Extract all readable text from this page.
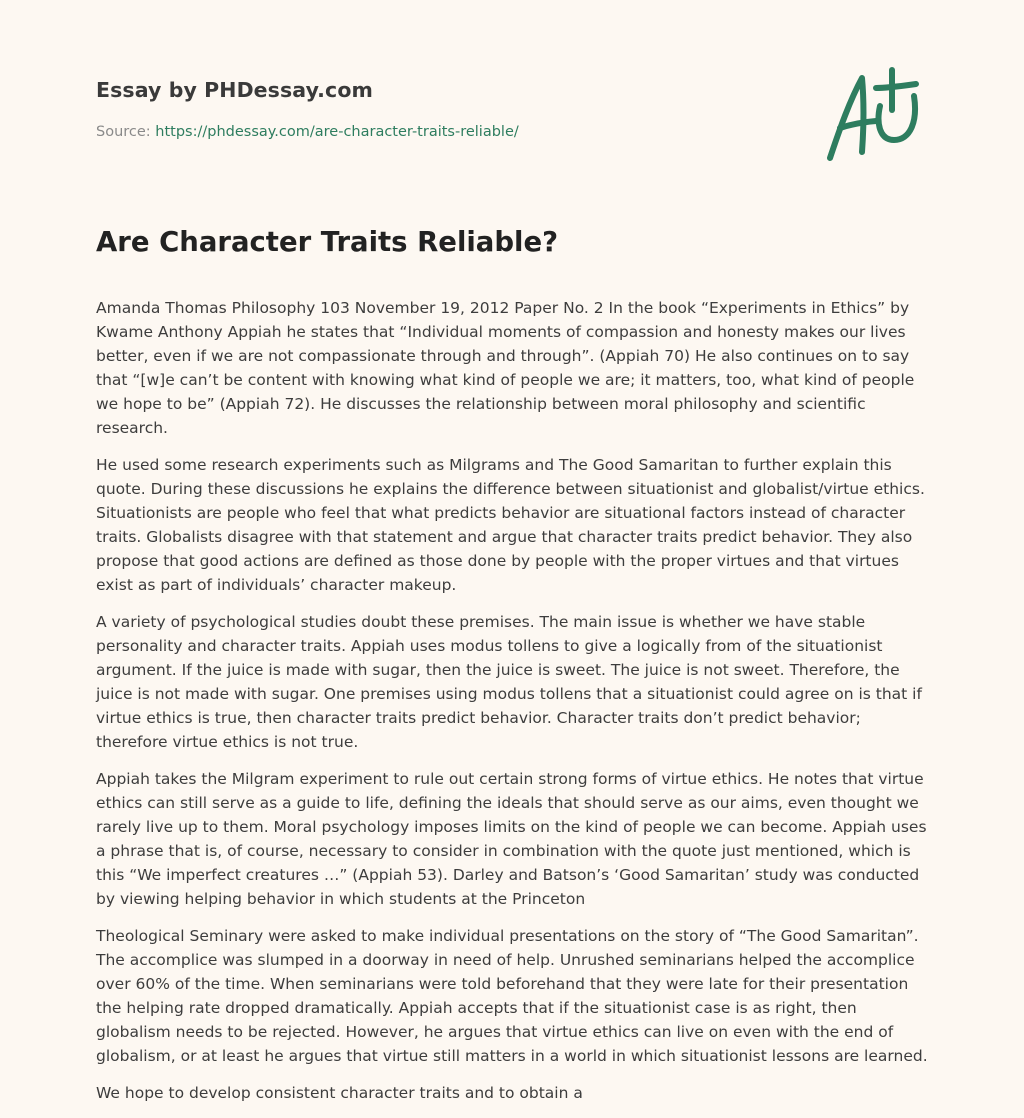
Essay by PHDessay.com

Source: https://phdessay.com/are-character-traits-reliable/

Are Character Traits Reliable?

Amanda Thomas Philosophy 103 November 19, 2012 Paper No. 2 In the book “Experiments in Ethics” by Kwame Anthony Appiah he states that “Individual moments of compassion and honesty makes our lives better, even if we are not compassionate through and through”. (Appiah 70) He also continues on to say that “[w]e can’t be content with knowing what kind of people we are; it matters, too, what kind of people we hope to be” (Appiah 72). He discusses the relationship between moral philosophy and scientific research.

He used some research experiments such as Milgrams and The Good Samaritan to further explain this quote. During these discussions he explains the difference between situationist and globalist/virtue ethics. Situationists are people who feel that what predicts behavior are situational factors instead of character traits. Globalists disagree with that statement and argue that character traits predict behavior. They also propose that good actions are defined as those done by people with the proper virtues and that virtues exist as part of individuals’ character makeup.

A variety of psychological studies doubt these premises. The main issue is whether we have stable personality and character traits. Appiah uses modus tollens to give a logically from of the situationist argument. If the juice is made with sugar, then the juice is sweet. The juice is not sweet. Therefore, the juice is not made with sugar. One premises using modus tollens that a situationist could agree on is that if virtue ethics is true, then character traits predict behavior. Character traits don’t predict behavior; therefore virtue ethics is not true.

Appiah takes the Milgram experiment to rule out certain strong forms of virtue ethics. He notes that virtue ethics can still serve as a guide to life, defining the ideals that should serve as our aims, even thought we rarely live up to them. Moral psychology imposes limits on the kind of people we can become. Appiah uses a phrase that is, of course, necessary to consider in combination with the quote just mentioned, which is this “We imperfect creatures …” (Appiah 53). Darley and Batson’s ‘Good Samaritan’ study was conducted by viewing helping behavior in which students at the Princeton

Theological Seminary were asked to make individual presentations on the story of “The Good Samaritan”. The accomplice was slumped in a doorway in need of help. Unrushed seminarians helped the accomplice over 60% of the time. When seminarians were told beforehand that they were late for their presentation the helping rate dropped dramatically. Appiah accepts that if the situationist case is as right, then globalism needs to be rejected. However, he argues that virtue ethics can live on even with the end of globalism, or at least he argues that virtue still matters in a world in which situationist lessons are learned.

We hope to develop consistent character traits and to obtain a
